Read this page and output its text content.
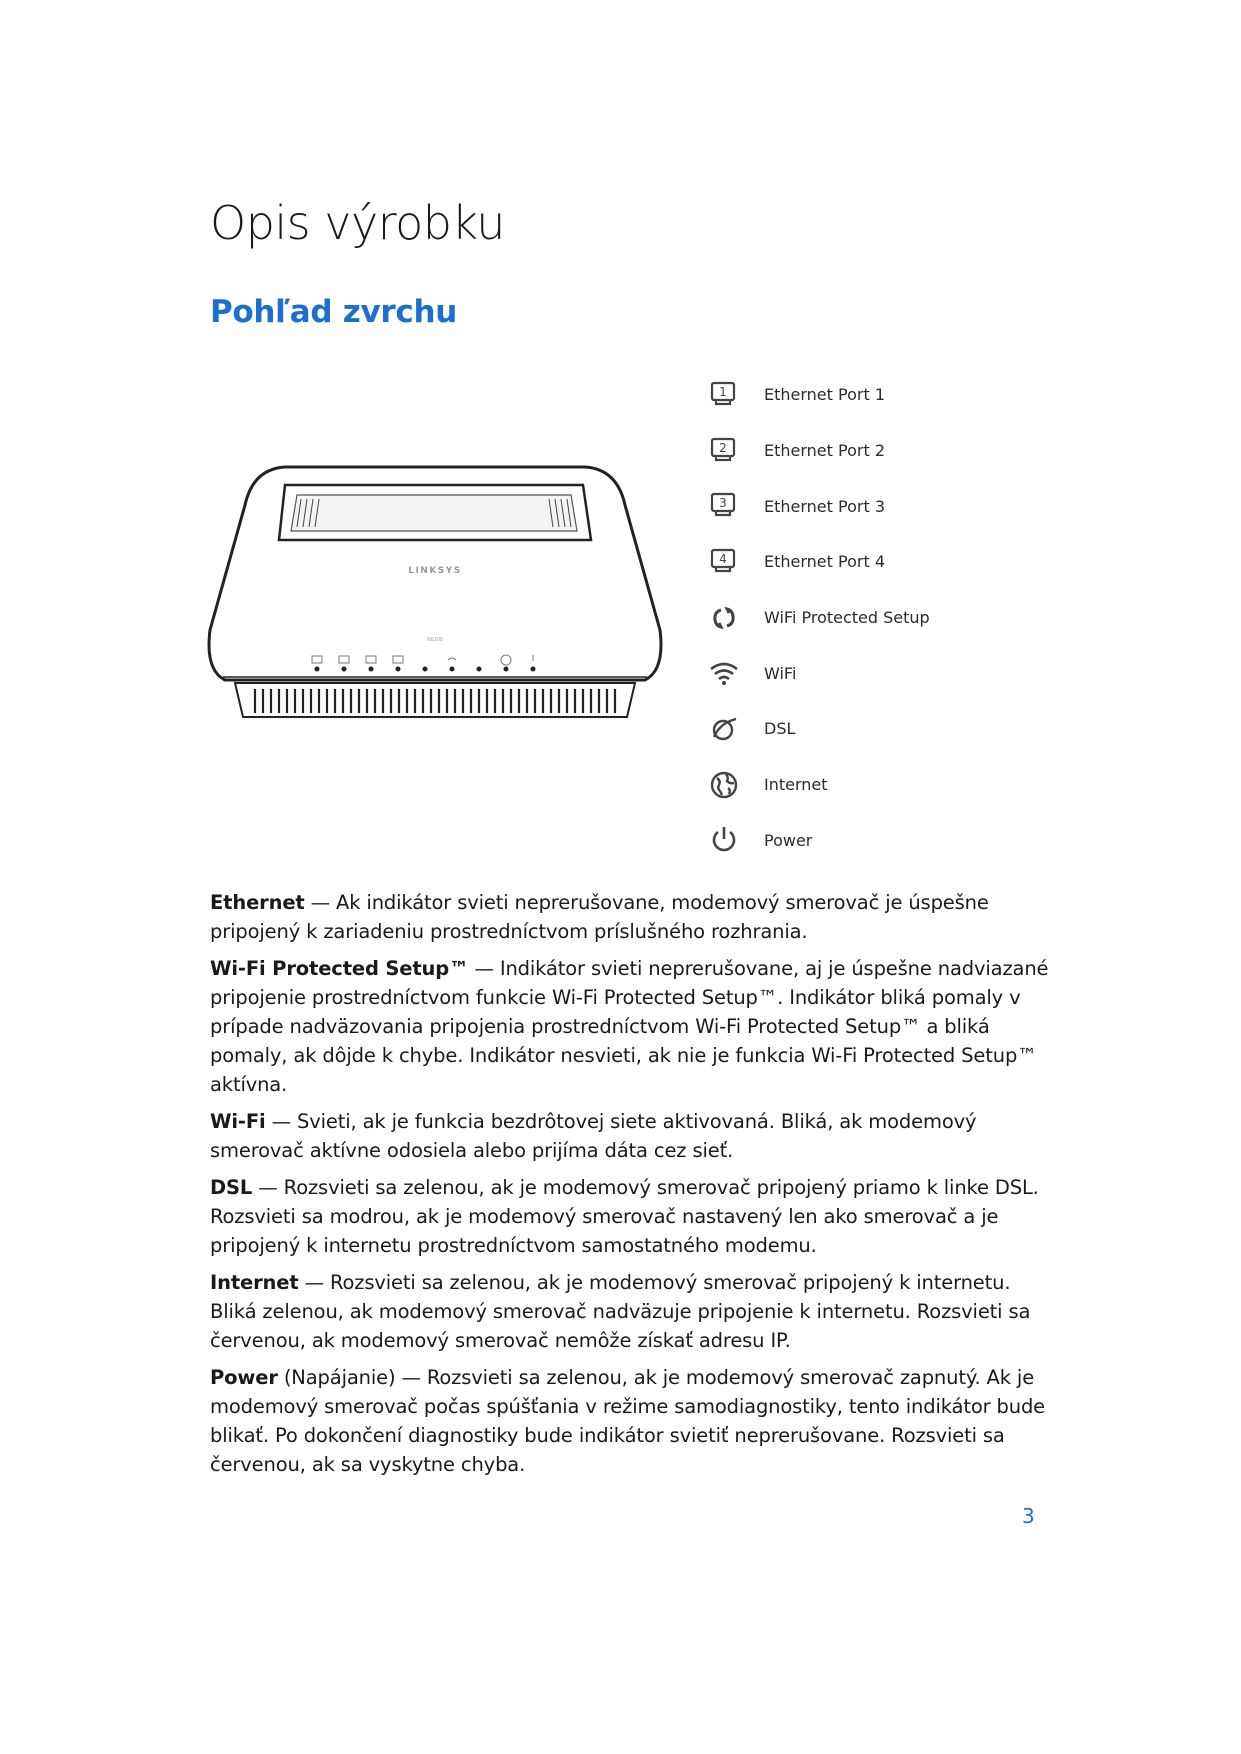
Opis výrobku
Pohľad zvrchu
LINKSYS
X6200
1 Ethernet Port 1
2 Ethernet Port 2
3 Ethernet Port 3
4 Ethernet Port 4
WiFi Protected Setup
WiFi
DSL
Internet
Power

Ethernet — Ak indikátor svieti neprerušovane, modemový smerovač je úspešne pripojený k zariadeniu prostredníctvom príslušného rozhrania.

Wi-Fi Protected Setup™ — Indikátor svieti neprerušovane, aj je úspešne nadviazané pripojenie prostredníctvom funkcie Wi-Fi Protected Setup™. Indikátor bliká pomaly v prípade nadväzovania pripojenia prostredníctvom Wi-Fi Protected Setup™ a bliká pomaly, ak dôjde k chybe. Indikátor nesvieti, ak nie je funkcia Wi-Fi Protected Setup™ aktívna.

Wi-Fi — Svieti, ak je funkcia bezdrôtovej siete aktivovaná. Bliká, ak modemový smerovač aktívne odosiela alebo prijíma dáta cez sieť.

DSL — Rozsvieti sa zelenou, ak je modemový smerovač pripojený priamo k linke DSL. Rozsvieti sa modrou, ak je modemový smerovač nastavený len ako smerovač a je pripojený k internetu prostredníctvom samostatného modemu.

Internet — Rozsvieti sa zelenou, ak je modemový smerovač pripojený k internetu. Bliká zelenou, ak modemový smerovač nadväzuje pripojenie k internetu. Rozsvieti sa červenou, ak modemový smerovač nemôže získať adresu IP.

Power (Napájanie) — Rozsvieti sa zelenou, ak je modemový smerovač zapnutý. Ak je modemový smerovač počas spúšťania v režime samodiagnostiky, tento indikátor bude blikať. Po dokončení diagnostiky bude indikátor svietiť neprerušovane. Rozsvieti sa červenou, ak sa vyskytne chyba.

3
